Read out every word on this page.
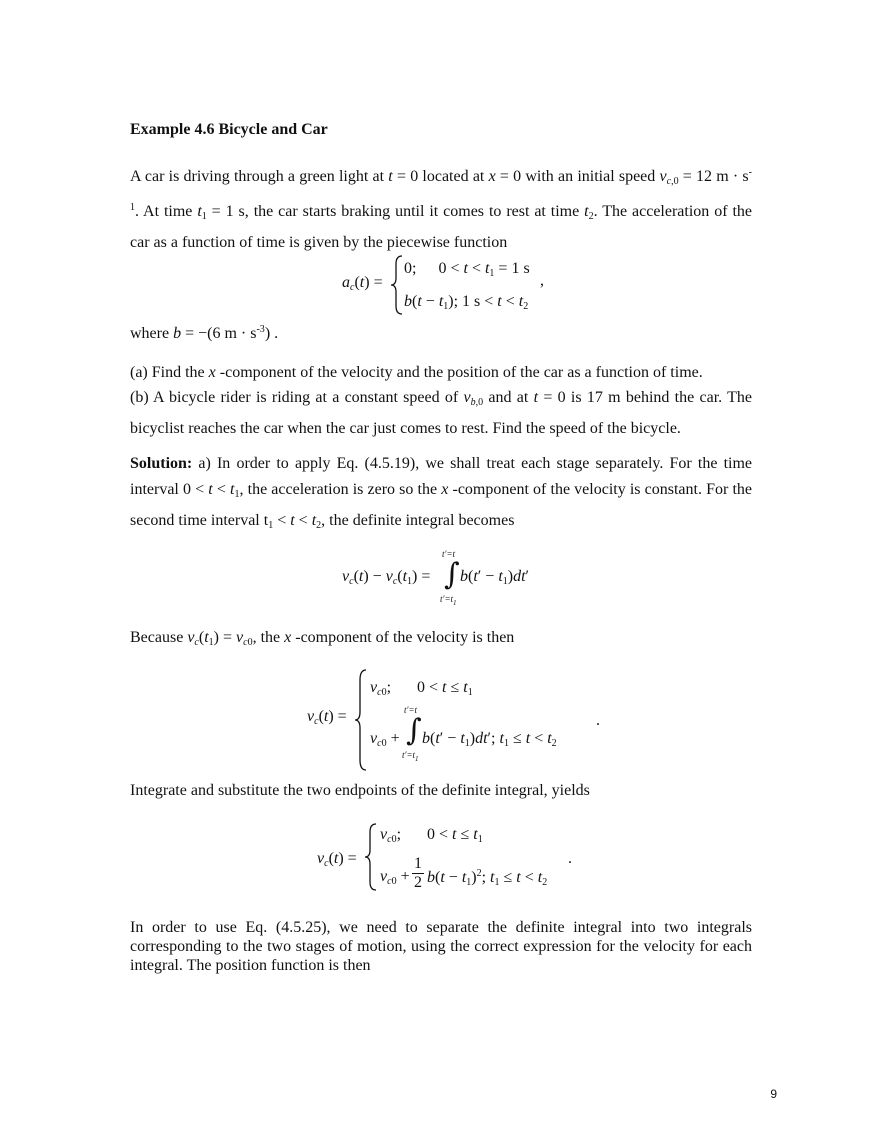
Example 4.6 Bicycle and Car
A car is driving through a green light at t = 0 located at x = 0 with an initial speed $v_{c,0} = 12$ $m \cdot s^{-1}$. At time $t_1 = 1$ s, the car starts braking until it comes to rest at time $t_2$. The acceleration of the car as a function of time is given by the piecewise function
$a_c(t)$ =
0; $0 < t < t_1 = 1$ s
$b(t - t_1)$; 1 $s < t < t_2$
,
where b = −(6 $m \cdot s^{-3}$) .
(a) Find the x -component of the velocity and the position of the car as a function of time.
(b) A bicycle rider is riding at a constant speed of $v_{b,0}$ and at t = 0 is 17 m behind the car. The bicyclist reaches the car when the car just comes to rest. Find the speed of the bicycle.
Solution: a) In order to apply Eq. (4.5.19), we shall treat each stage separately. For the time interval $0 < t < t_1$, the acceleration is zero so the x -component of the velocity is constant. For the second time interval $t_1 < t < t_2$, the definite integral becomes
$v_c(t) - v_c(t_1)$ =
t′=t
∫
$t'=t_1$
$b(t' - t_1)dt'$
Because $v_c(t_1) = v_{c0}$, the x -component of the velocity is then
$v_c(t)$ =
$v_{c0}$; $0 < t \le t_1$
t′=t
$v_{c0}$ + ∫
$t'=t_1$
$b(t' - t_1)dt'$; $t_1 \le t < t_2$
.
Integrate and substitute the two endpoints of the definite integral, yields
$v_c(t)$ =
$v_{c0}$; $0 < t \le t_1$
$v_{c0}$ +
1
2 $b(t - t_1)^2$; $t_1 \le t < t_2$
.
In order to use Eq. (4.5.25), we need to separate the definite integral into two integrals corresponding to the two stages of motion, using the correct expression for the velocity for each integral. The position function is then
9
